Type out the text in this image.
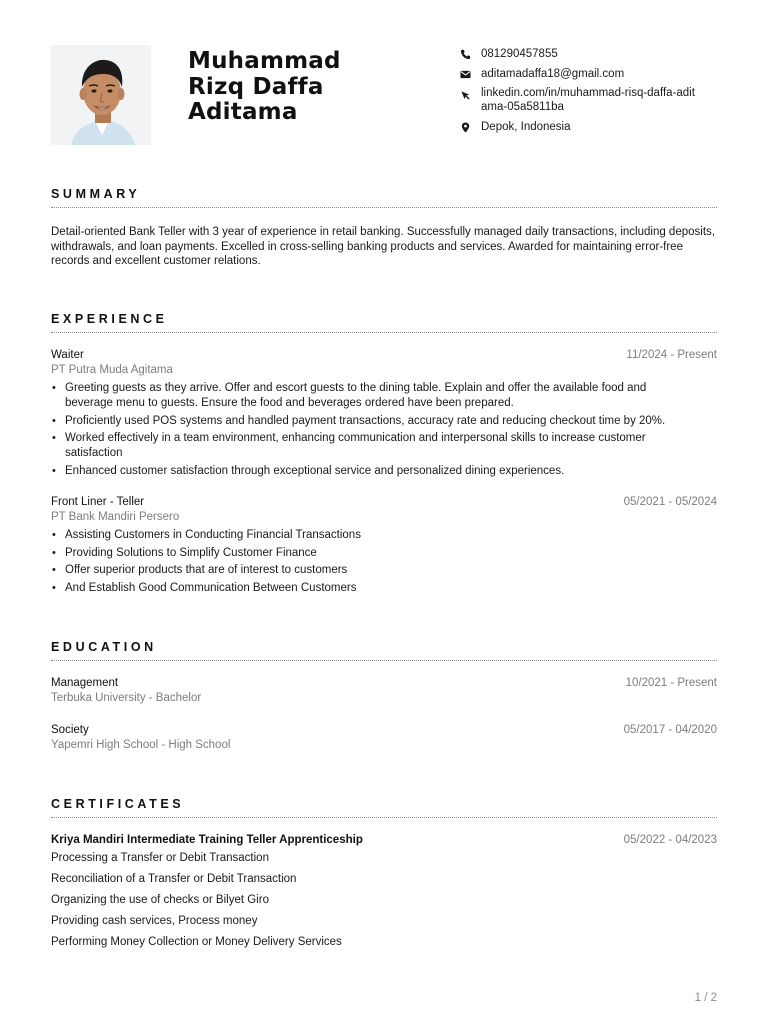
Muhammad
Rizq Daffa
Aditama
081290457855
aditamadaffa18@gmail.com
linkedin.com/in/muhammad-risq-daffa-adit
ama-05a5811ba
Depok, Indonesia
SUMMARY
Detail-oriented Bank Teller with 3 year of experience in retail banking. Successfully managed daily transactions, including deposits, withdrawals, and loan payments. Excelled in cross-selling banking products and services. Awarded for maintaining error-free records and excellent customer relations.
EXPERIENCE
Waiter	11/2024 - Present
PT Putra Muda Agitama
• Greeting guests as they arrive. Offer and escort guests to the dining table. Explain and offer the available food and beverage menu to guests. Ensure the food and beverages ordered have been prepared.
• Proficiently used POS systems and handled payment transactions, accuracy rate and reducing checkout time by 20%.
• Worked effectively in a team environment, enhancing communication and interpersonal skills to increase customer satisfaction
• Enhanced customer satisfaction through exceptional service and personalized dining experiences.
Front Liner - Teller	05/2021 - 05/2024
PT Bank Mandiri Persero
• Assisting Customers in Conducting Financial Transactions
• Providing Solutions to Simplify Customer Finance
• Offer superior products that are of interest to customers
• And Establish Good Communication Between Customers
EDUCATION
Management	10/2021 - Present
Terbuka University - Bachelor
Society	05/2017 - 04/2020
Yapemri High School - High School
CERTIFICATES
Kriya Mandiri Intermediate Training Teller Apprenticeship	05/2022 - 04/2023
Processing a Transfer or Debit Transaction
Reconciliation of a Transfer or Debit Transaction
Organizing the use of checks or Bilyet Giro
Providing cash services, Process money
Performing Money Collection or Money Delivery Services
1 / 2
